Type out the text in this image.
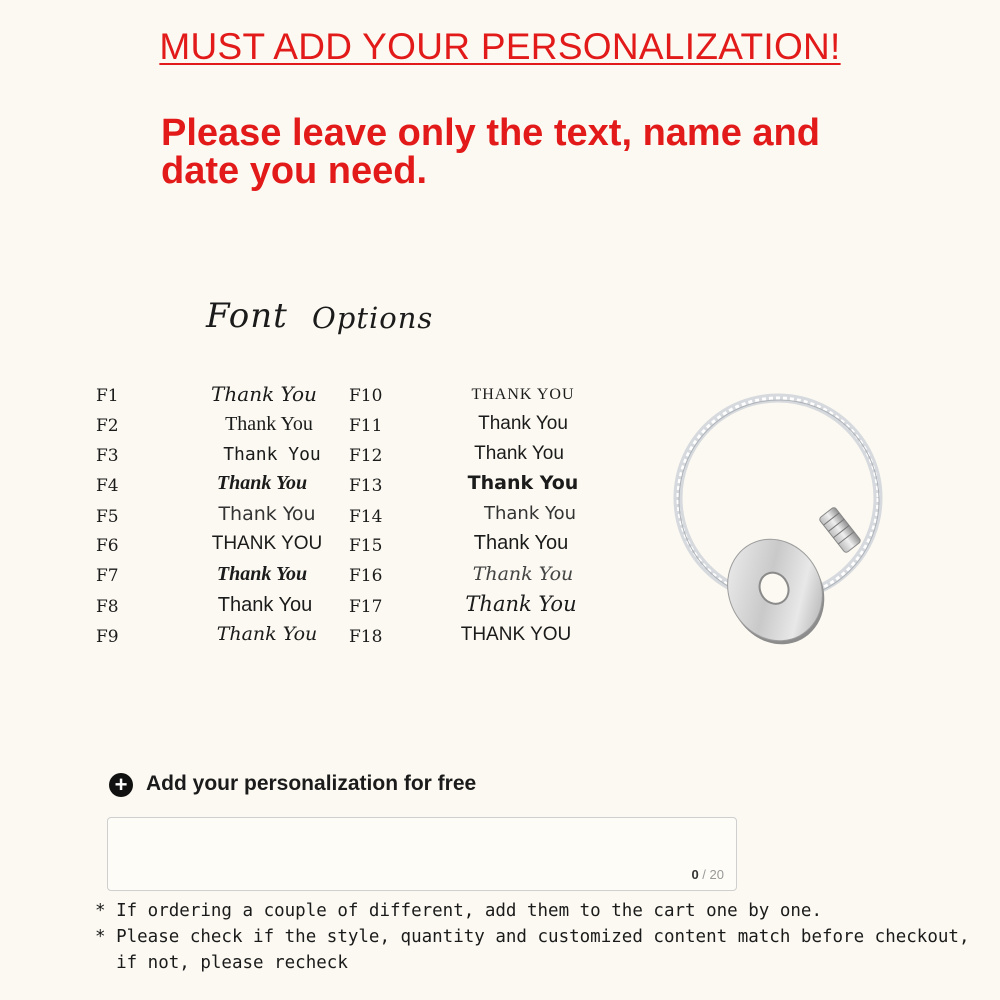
MUST ADD YOUR PERSONALIZATION!
Please leave only the text, name and
date you need.
Font Options
F1	Thank You
F2	Thank You
F3	Thank You
F4	Thank You
F5	Thank You
F6	THANK YOU
F7	Thank You
F8	Thank You
F9	Thank You
F10	THANK YOU
F11	Thank You
F12	Thank You
F13	Thank You
F14	Thank You
F15	Thank You
F16	Thank You
F17	Thank You
F18	THANK YOU
+ Add your personalization for free
0 / 20
* If ordering a couple of different, add them to the cart one by one.
* Please check if the style, quantity and customized content match before checkout,
if not, please recheck
